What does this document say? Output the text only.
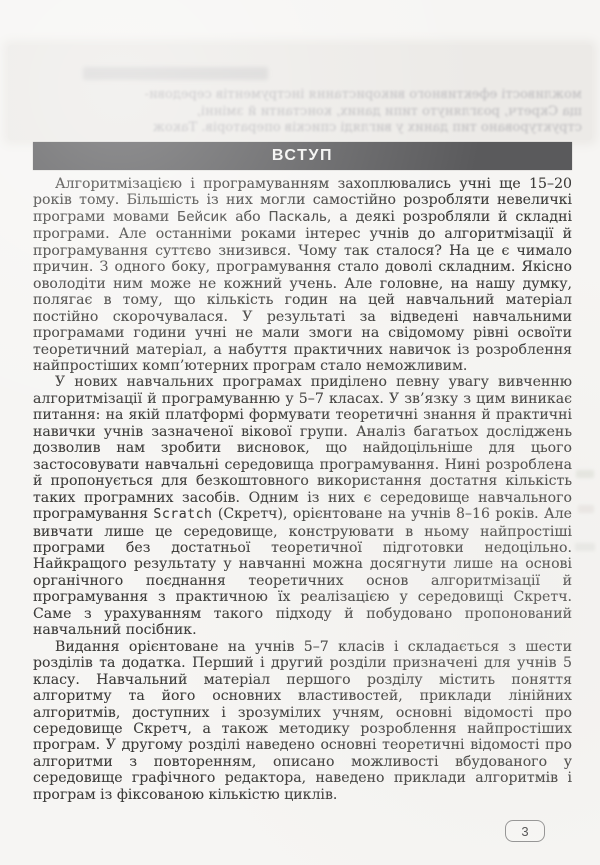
можливості ефективного використання інструментів середови-
ща Скретч, розглянуто типи даних, константи й змінні,
структуровано тип даних у вигляді списків операторів. Також
ВСТУП

Алгоритмізацією і програмуванням захоплювались учні ще 15–20 років тому. Більшість із них могли самостійно розробляти невеличкі програми мовами Бейсик або Паскаль, а деякі розробляли й складні програми. Але останніми роками інтерес учнів до алгоритмізації й програмування суттєво знизився. Чому так сталося? На це є чимало причин. З одного боку, програмування стало доволі складним. Якісно оволодіти ним може не кожний учень. Але головне, на нашу думку, полягає в тому, що кількість годин на цей навчальний матеріал постійно скорочувалася. У результаті за відведені навчальними програмами години учні не мали змоги на свідомому рівні освоїти теоретичний матеріал, а набуття практичних навичок із розроблення найпростіших комп’ютерних програм стало неможливим.

У нових навчальних програмах приділено певну увагу вивченню алгоритмізації й програмуванню у 5–7 класах. У зв’язку з цим виникає питання: на якій платформі формувати теоретичні знання й практичні навички учнів зазначеної вікової групи. Аналіз багатьох досліджень дозволив нам зробити висновок, що найдоцільніше для цього застосовувати навчальні середовища програмування. Нині розроблена й пропонується для безкоштовного використання достатня кількість таких програмних засобів. Одним із них є середовище навчального програмування Scratch (Скретч), орієнтоване на учнів 8–16 років. Але вивчати лише це середовище, конструювати в ньому найпростіші програми без достатньої теоретичної підготовки недоцільно. Найкращого результату у навчанні можна досягнути лише на основі органічного поєднання теоретичних основ алгоритмізації й програмування з практичною їх реалізацією у середовищі Скретч. Саме з урахуванням такого підходу й побудовано пропонований навчальний посібник.

Видання орієнтоване на учнів 5–7 класів і складається з шести розділів та додатка. Перший і другий розділи призначені для учнів 5 класу. Навчальний матеріал першого розділу містить поняття алгоритму та його основних властивостей, приклади лінійних алгоритмів, доступних і зрозумілих учням, основні відомості про середовище Скретч, а також методику розроблення найпростіших програм. У другому розділі наведено основні теоретичні відомості про алгоритми з повторенням, описано можливості вбудованого у середовище графічного редактора, наведено приклади алгоритмів і програм із фіксованою кількістю циклів.

3
